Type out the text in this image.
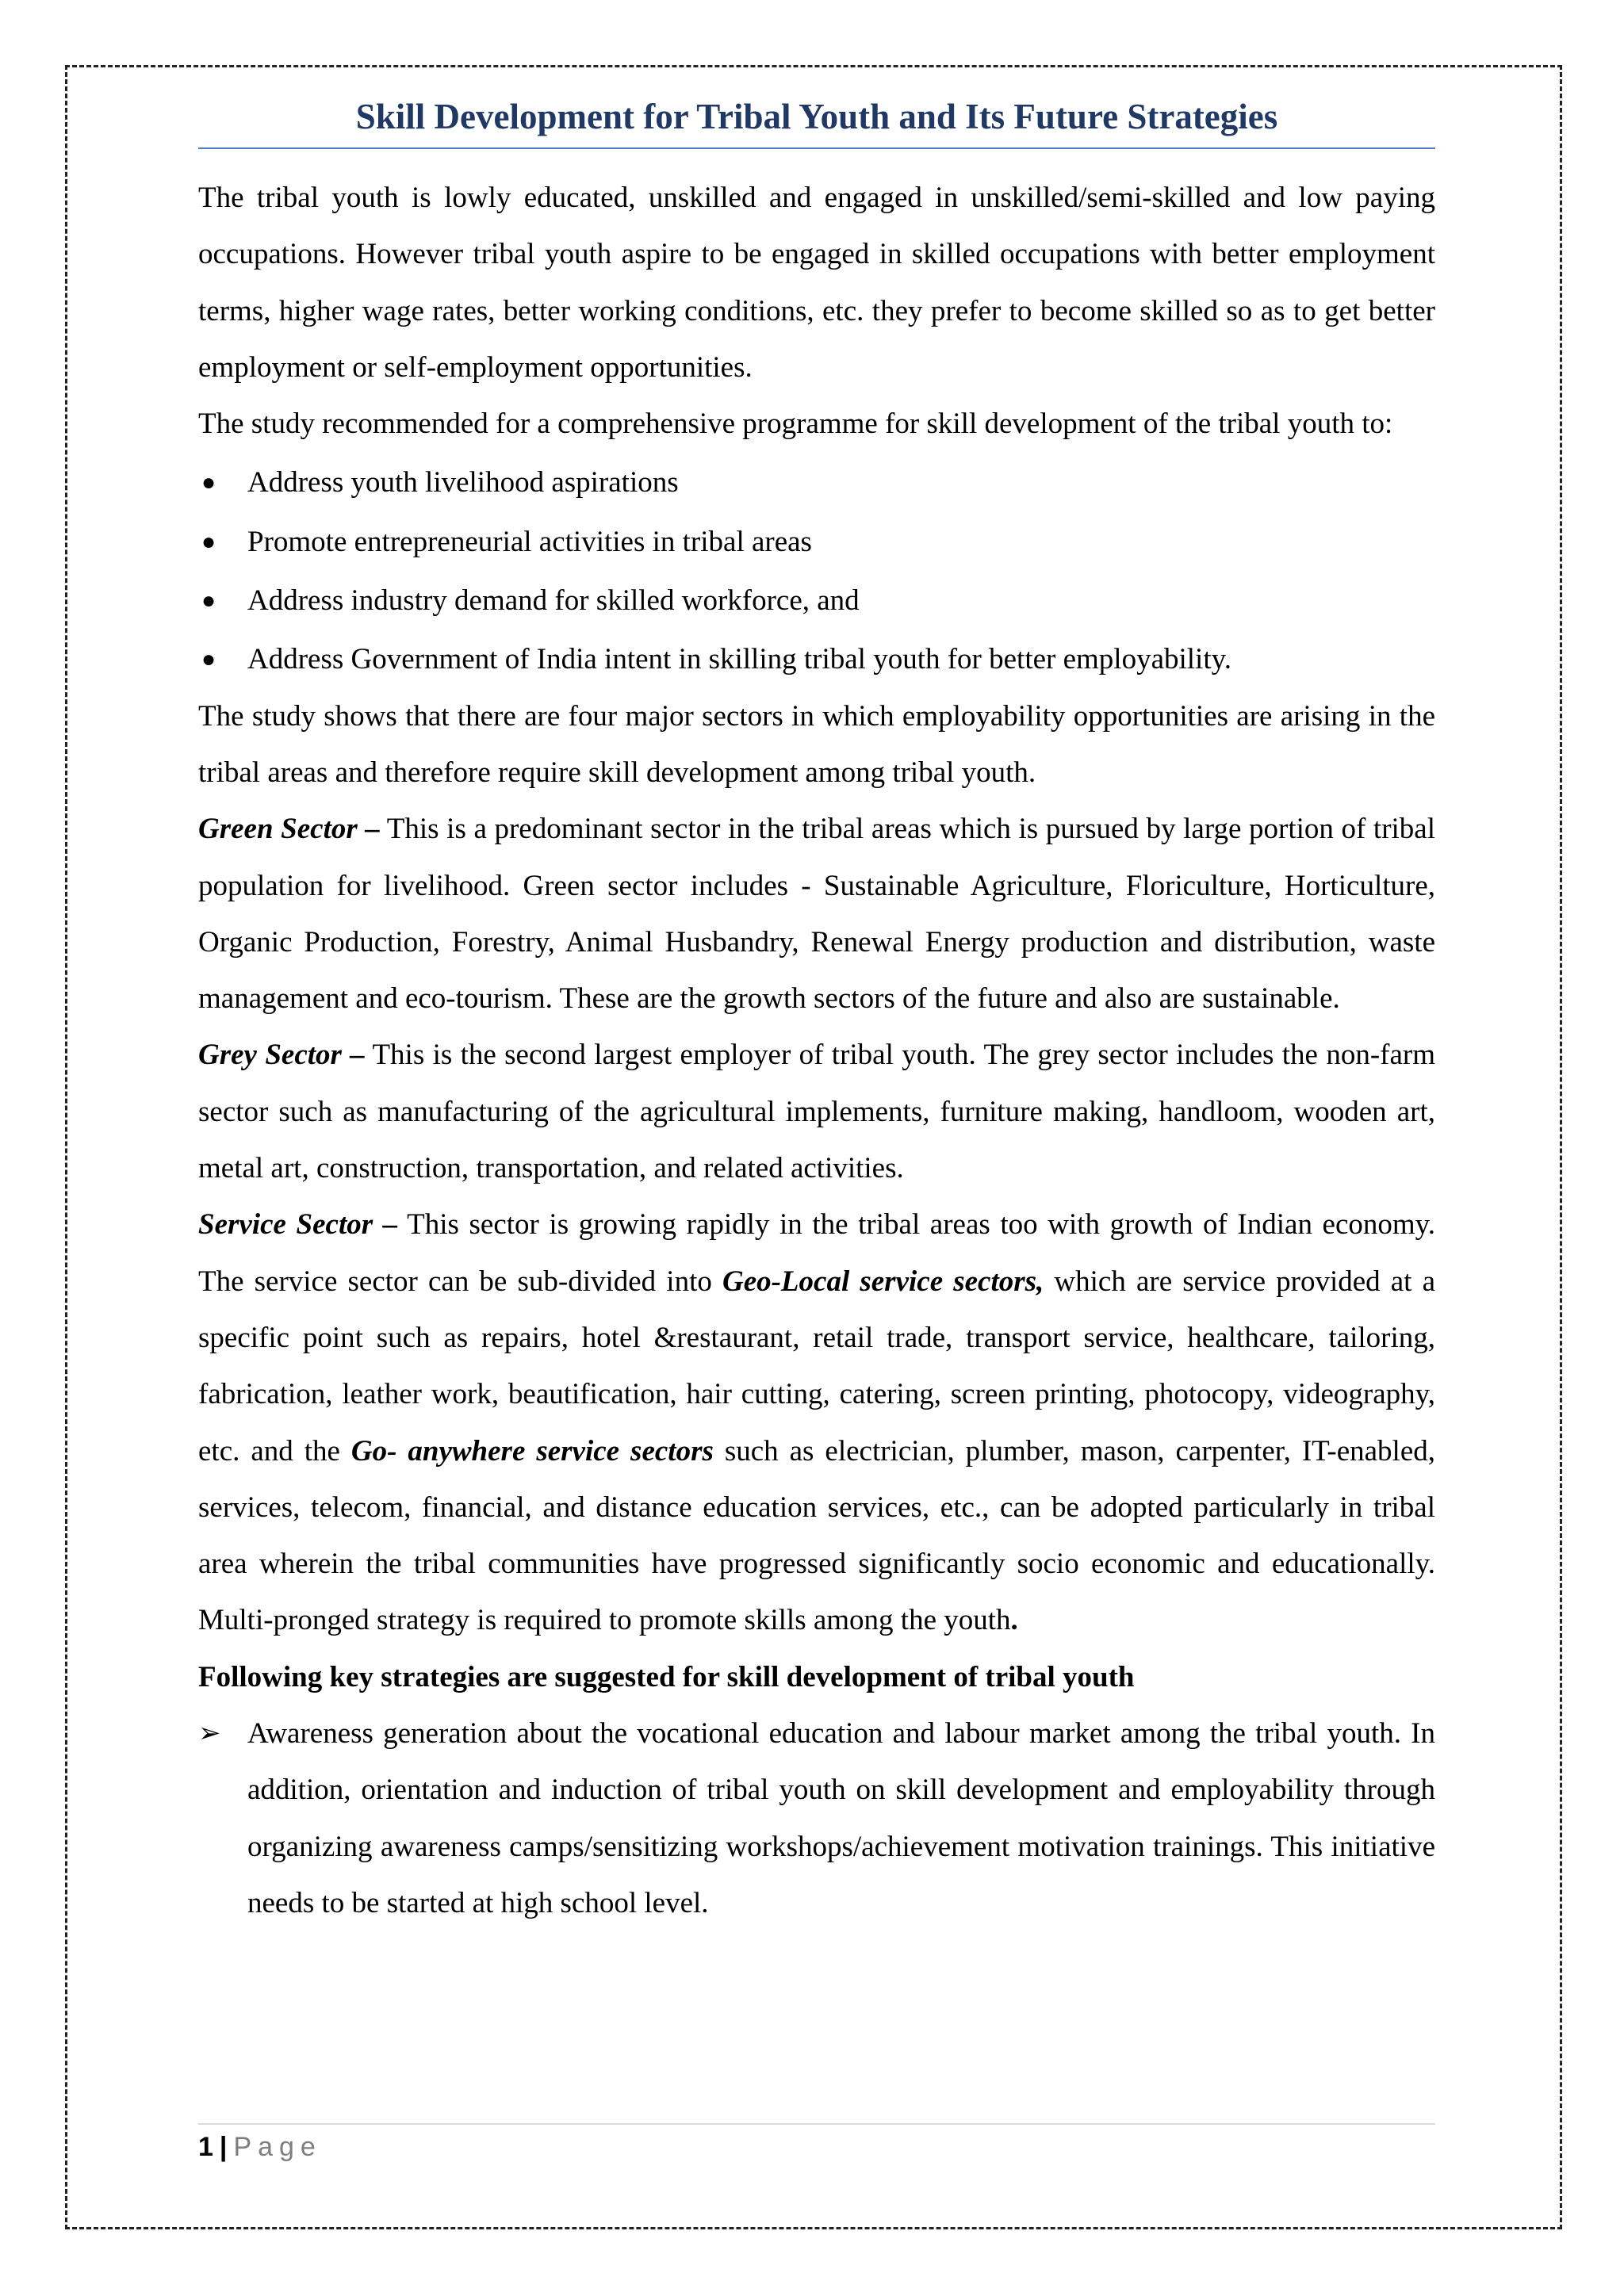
Skill Development for Tribal Youth and Its Future Strategies

The tribal youth is lowly educated, unskilled and engaged in unskilled/semi-skilled and low paying occupations. However tribal youth aspire to be engaged in skilled occupations with better employment terms, higher wage rates, better working conditions, etc. they prefer to become skilled so as to get better employment or self-employment opportunities.

The study recommended for a comprehensive programme for skill development of the tribal youth to:

● Address youth livelihood aspirations
● Promote entrepreneurial activities in tribal areas
● Address industry demand for skilled workforce, and
● Address Government of India intent in skilling tribal youth for better employability.

The study shows that there are four major sectors in which employability opportunities are arising in the tribal areas and therefore require skill development among tribal youth.

Green Sector – This is a predominant sector in the tribal areas which is pursued by large portion of tribal population for livelihood. Green sector includes - Sustainable Agriculture, Floriculture, Horticulture, Organic Production, Forestry, Animal Husbandry, Renewal Energy production and distribution, waste management and eco-tourism. These are the growth sectors of the future and also are sustainable.

Grey Sector – This is the second largest employer of tribal youth. The grey sector includes the non-farm sector such as manufacturing of the agricultural implements, furniture making, handloom, wooden art, metal art, construction, transportation, and related activities.

Service Sector – This sector is growing rapidly in the tribal areas too with growth of Indian economy. The service sector can be sub-divided into Geo-Local service sectors, which are service provided at a specific point such as repairs, hotel &restaurant, retail trade, transport service, healthcare, tailoring, fabrication, leather work, beautification, hair cutting, catering, screen printing, photocopy, videography, etc. and the Go- anywhere service sectors such as electrician, plumber, mason, carpenter, IT-enabled, services, telecom, financial, and distance education services, etc., can be adopted particularly in tribal area wherein the tribal communities have progressed significantly socio economic and educationally. Multi-pronged strategy is required to promote skills among the youth.

Following key strategies are suggested for skill development of tribal youth

➢ Awareness generation about the vocational education and labour market among the tribal youth. In addition, orientation and induction of tribal youth on skill development and employability through organizing awareness camps/sensitizing workshops/achievement motivation trainings. This initiative needs to be started at high school level.
1 | Page
